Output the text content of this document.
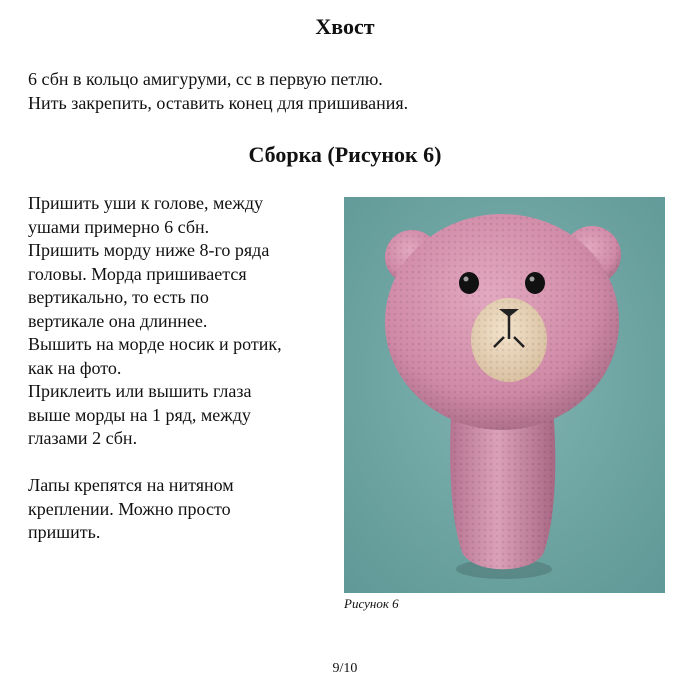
Хвост
6 сбн в кольцо амигуруми, сс в первую петлю.
Нить закрепить, оставить конец для пришивания.
Сборка (Рисунок 6)
Пришить уши к голове, между
ушами примерно 6 сбн.
Пришить морду ниже 8-го ряда
головы. Морда пришивается
вертикально, то есть по
вертикале она длиннее.
Вышить на морде носик и ротик,
как на фото.
Приклеить или вышить глаза
выше морды на 1 ряд, между
глазами 2 сбн.
Лапы крепятся на нитяном
креплении. Можно просто
пришить.
Рисунок 6
9/10
